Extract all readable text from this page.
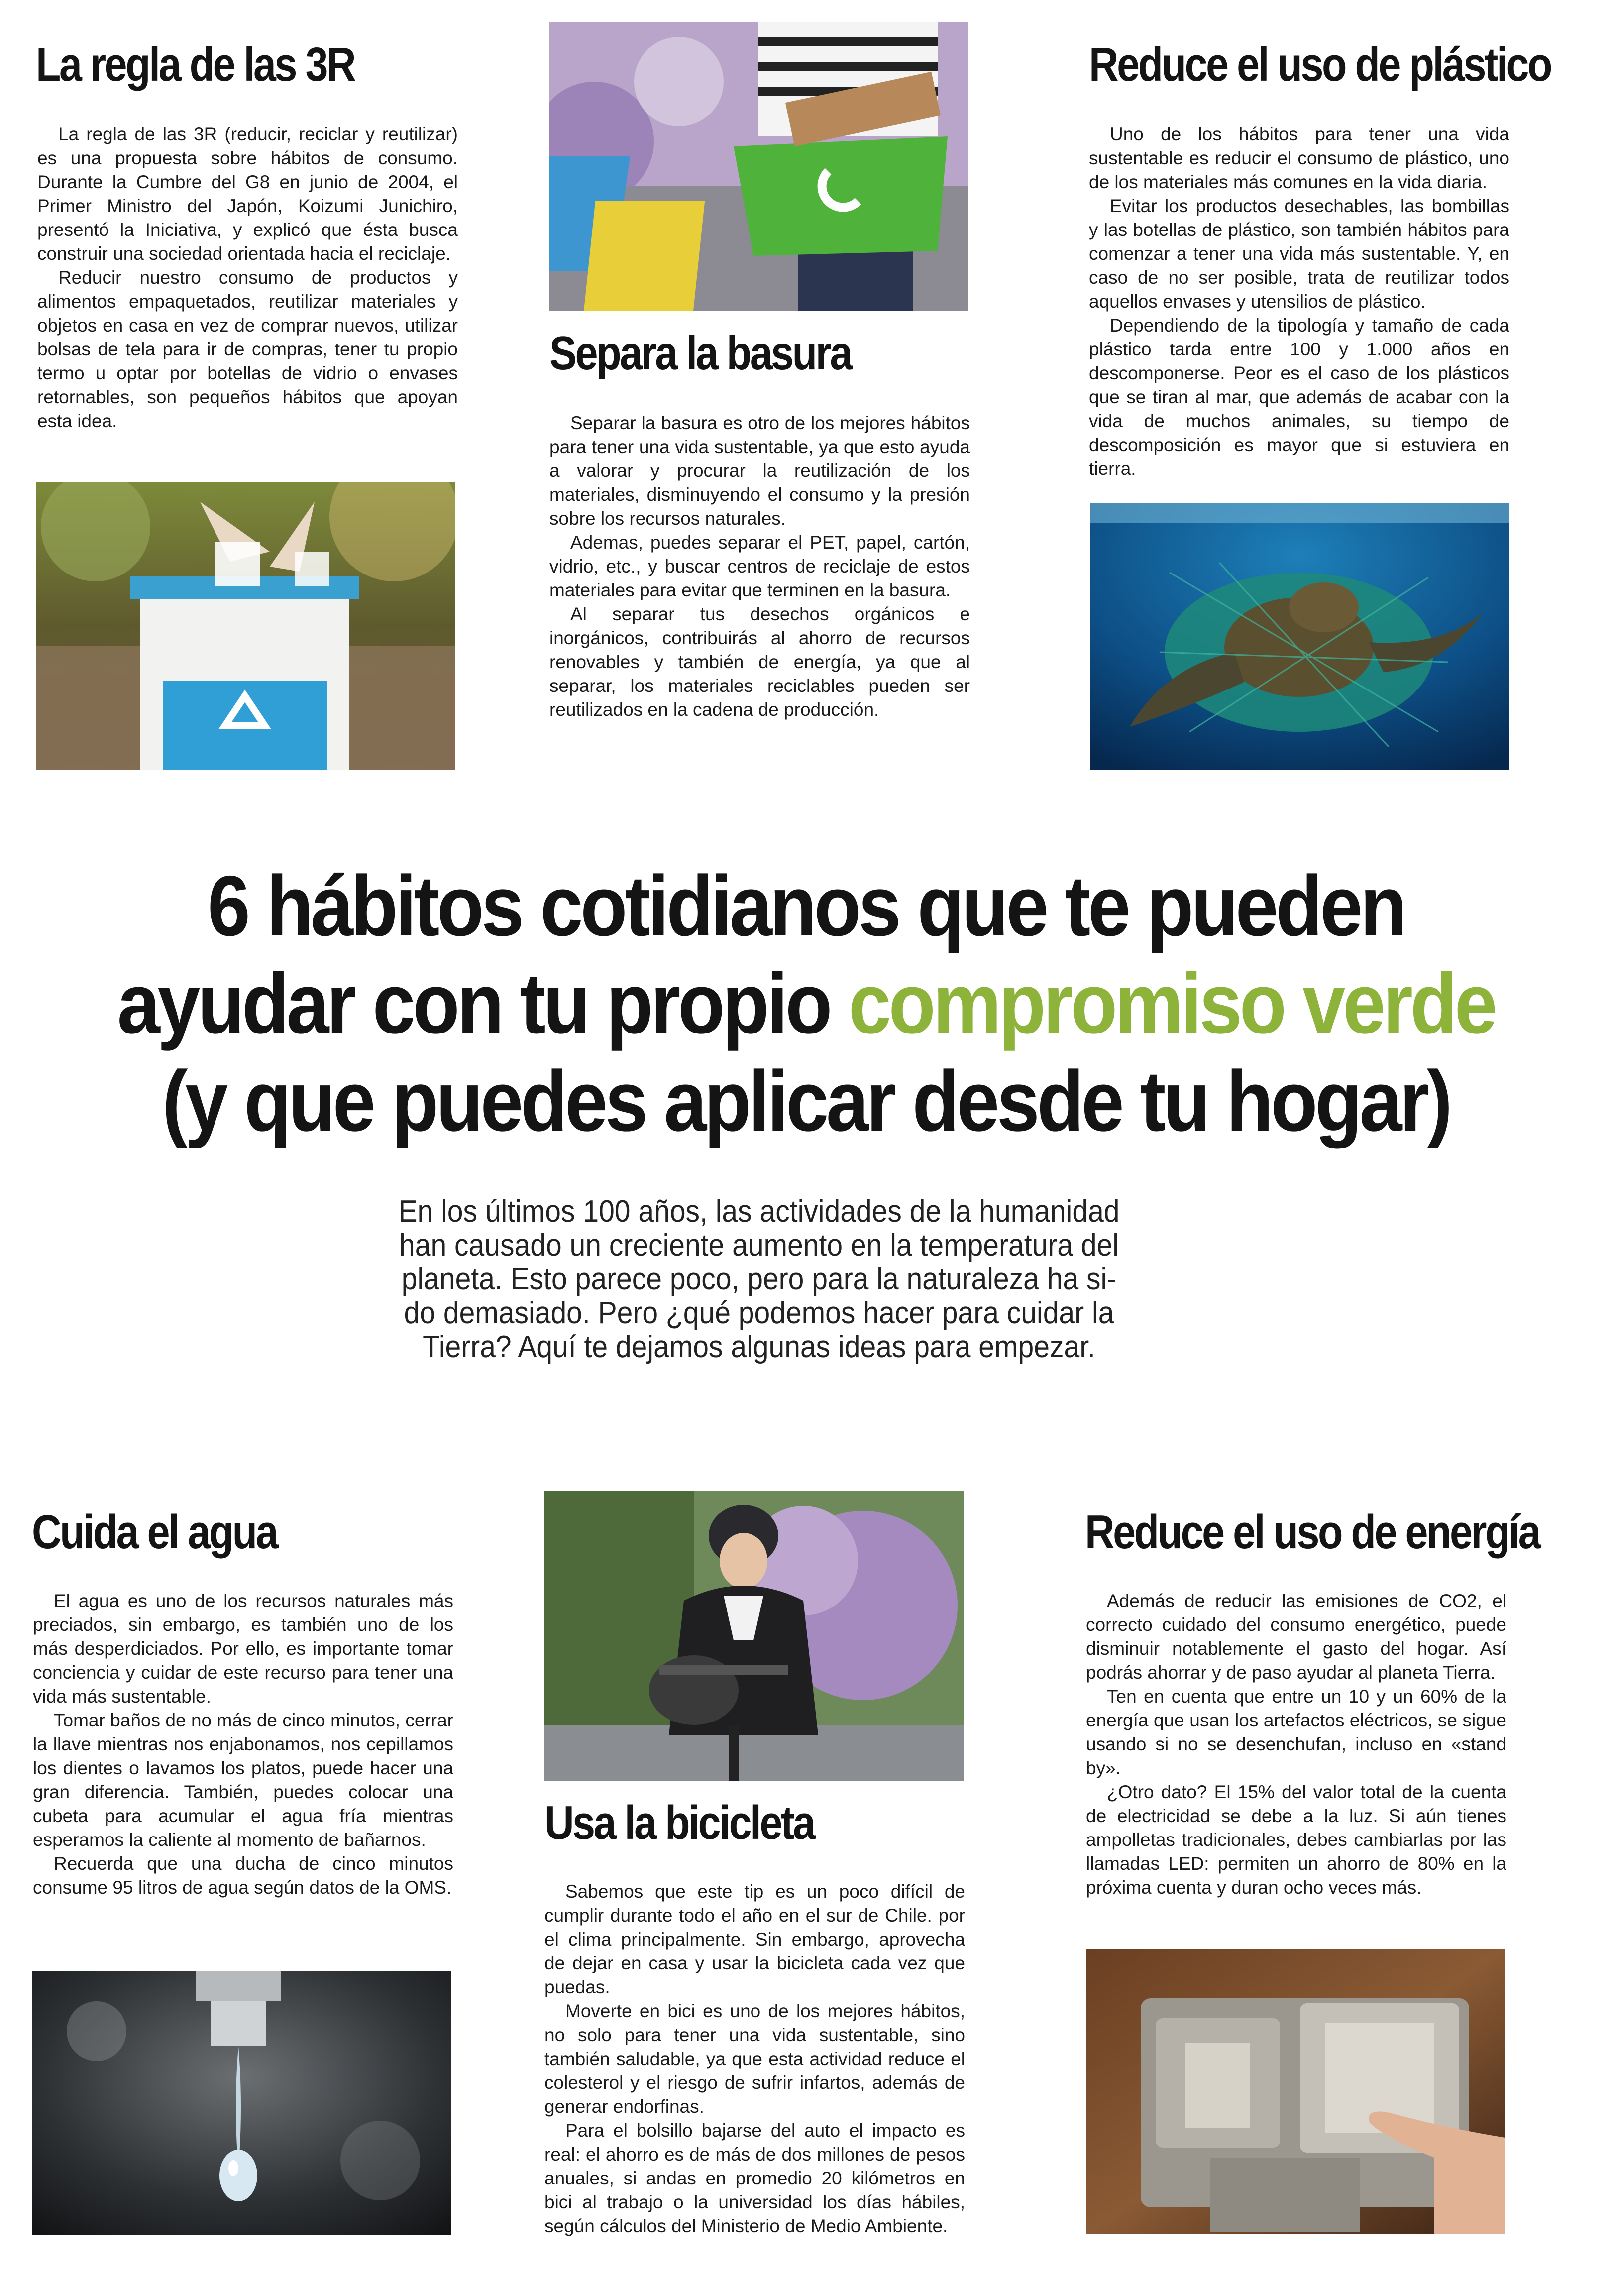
La regla de las 3R

La regla de las 3R (reducir, reciclar y reutilizar) es una propuesta sobre hábitos de consumo. Durante la Cumbre del G8 en junio de 2004, el Primer Ministro del Japón, Koizumi Junichiro, presentó la Iniciativa, y explicó que ésta busca construir una sociedad orientada hacia el reciclaje.

Reducir nuestro consumo de productos y alimentos empaquetados, reutilizar materiales y objetos en casa en vez de comprar nuevos, utilizar bolsas de tela para ir de compras, tener tu propio termo u optar por botellas de vidrio o envases retornables, son pequeños hábitos que apoyan esta idea.

Separa la basura

Separar la basura es otro de los mejores hábitos para tener una vida sustentable, ya que esto ayuda a valorar y procurar la reutilización de los materiales, disminuyendo el consumo y la presión sobre los recursos naturales.

Ademas, puedes separar el PET, papel, cartón, vidrio, etc., y buscar centros de reciclaje de estos materiales para evitar que terminen en la basura.

Al separar tus desechos orgánicos e inorgánicos, contribuirás al ahorro de recursos renovables y también de energía, ya que al separar, los materiales reciclables pueden ser reutilizados en la cadena de producción.

Reduce el uso de plástico

Uno de los hábitos para tener una vida sustentable es reducir el consumo de plástico, uno de los materiales más comunes en la vida diaria.

Evitar los productos desechables, las bombillas y las botellas de plástico, son también hábitos para comenzar a tener una vida más sustentable. Y, en caso de no ser posible, trata de reutilizar todos aquellos envases y utensilios de plástico.

Dependiendo de la tipología y tamaño de cada plástico tarda entre 100 y 1.000 años en descomponerse. Peor es el caso de los plásticos que se tiran al mar, que además de acabar con la vida de muchos animales, su tiempo de descomposición es mayor que si estuviera en tierra.

6 hábitos cotidianos que te pueden
ayudar con tu propio compromiso verde
(y que puedes aplicar desde tu hogar)
En los últimos 100 años, las actividades de la humanidad
han causado un creciente aumento en la temperatura del
planeta. Esto parece poco, pero para la naturaleza ha si-
do demasiado. Pero ¿qué podemos hacer para cuidar la
Tierra? Aquí te dejamos algunas ideas para empezar.
Cuida el agua

El agua es uno de los recursos naturales más preciados, sin embargo, es también uno de los más desperdiciados. Por ello, es importante tomar conciencia y cuidar de este recurso para tener una vida más sustentable.

Tomar baños de no más de cinco minutos, cerrar la llave mientras nos enjabonamos, nos cepillamos los dientes o lavamos los platos, puede hacer una gran diferencia. También, puedes colocar una cubeta para acumular el agua fría mientras esperamos la caliente al momento de bañarnos.

Recuerda que una ducha de cinco minutos consume 95 litros de agua según datos de la OMS.

Usa la bicicleta

Sabemos que este tip es un poco difícil de cumplir durante todo el año en el sur de Chile. por el clima principalmente. Sin embargo, aprovecha de dejar en casa y usar la bicicleta cada vez que puedas.

Moverte en bici es uno de los mejores hábitos, no solo para tener una vida sustentable, sino también saludable, ya que esta actividad reduce el colesterol y el riesgo de sufrir infartos, además de generar endorfinas.

Para el bolsillo bajarse del auto el impacto es real: el ahorro es de más de dos millones de pesos anuales, si andas en promedio 20 kilómetros en bici al trabajo o la universidad los días hábiles, según cálculos del Ministerio de Medio Ambiente.

Reduce el uso de energía

Además de reducir las emisiones de CO2, el correcto cuidado del consumo energético, puede disminuir notablemente el gasto del hogar. Así podrás ahorrar y de paso ayudar al planeta Tierra.

Ten en cuenta que entre un 10 y un 60% de la energía que usan los artefactos eléctricos, se sigue usando si no se desenchufan, incluso en «stand by».

¿Otro dato? El 15% del valor total de la cuenta de electricidad se debe a la luz. Si aún tienes ampolletas tradicionales, debes cambiarlas por las llamadas LED: permiten un ahorro de 80% en la próxima cuenta y duran ocho veces más.
